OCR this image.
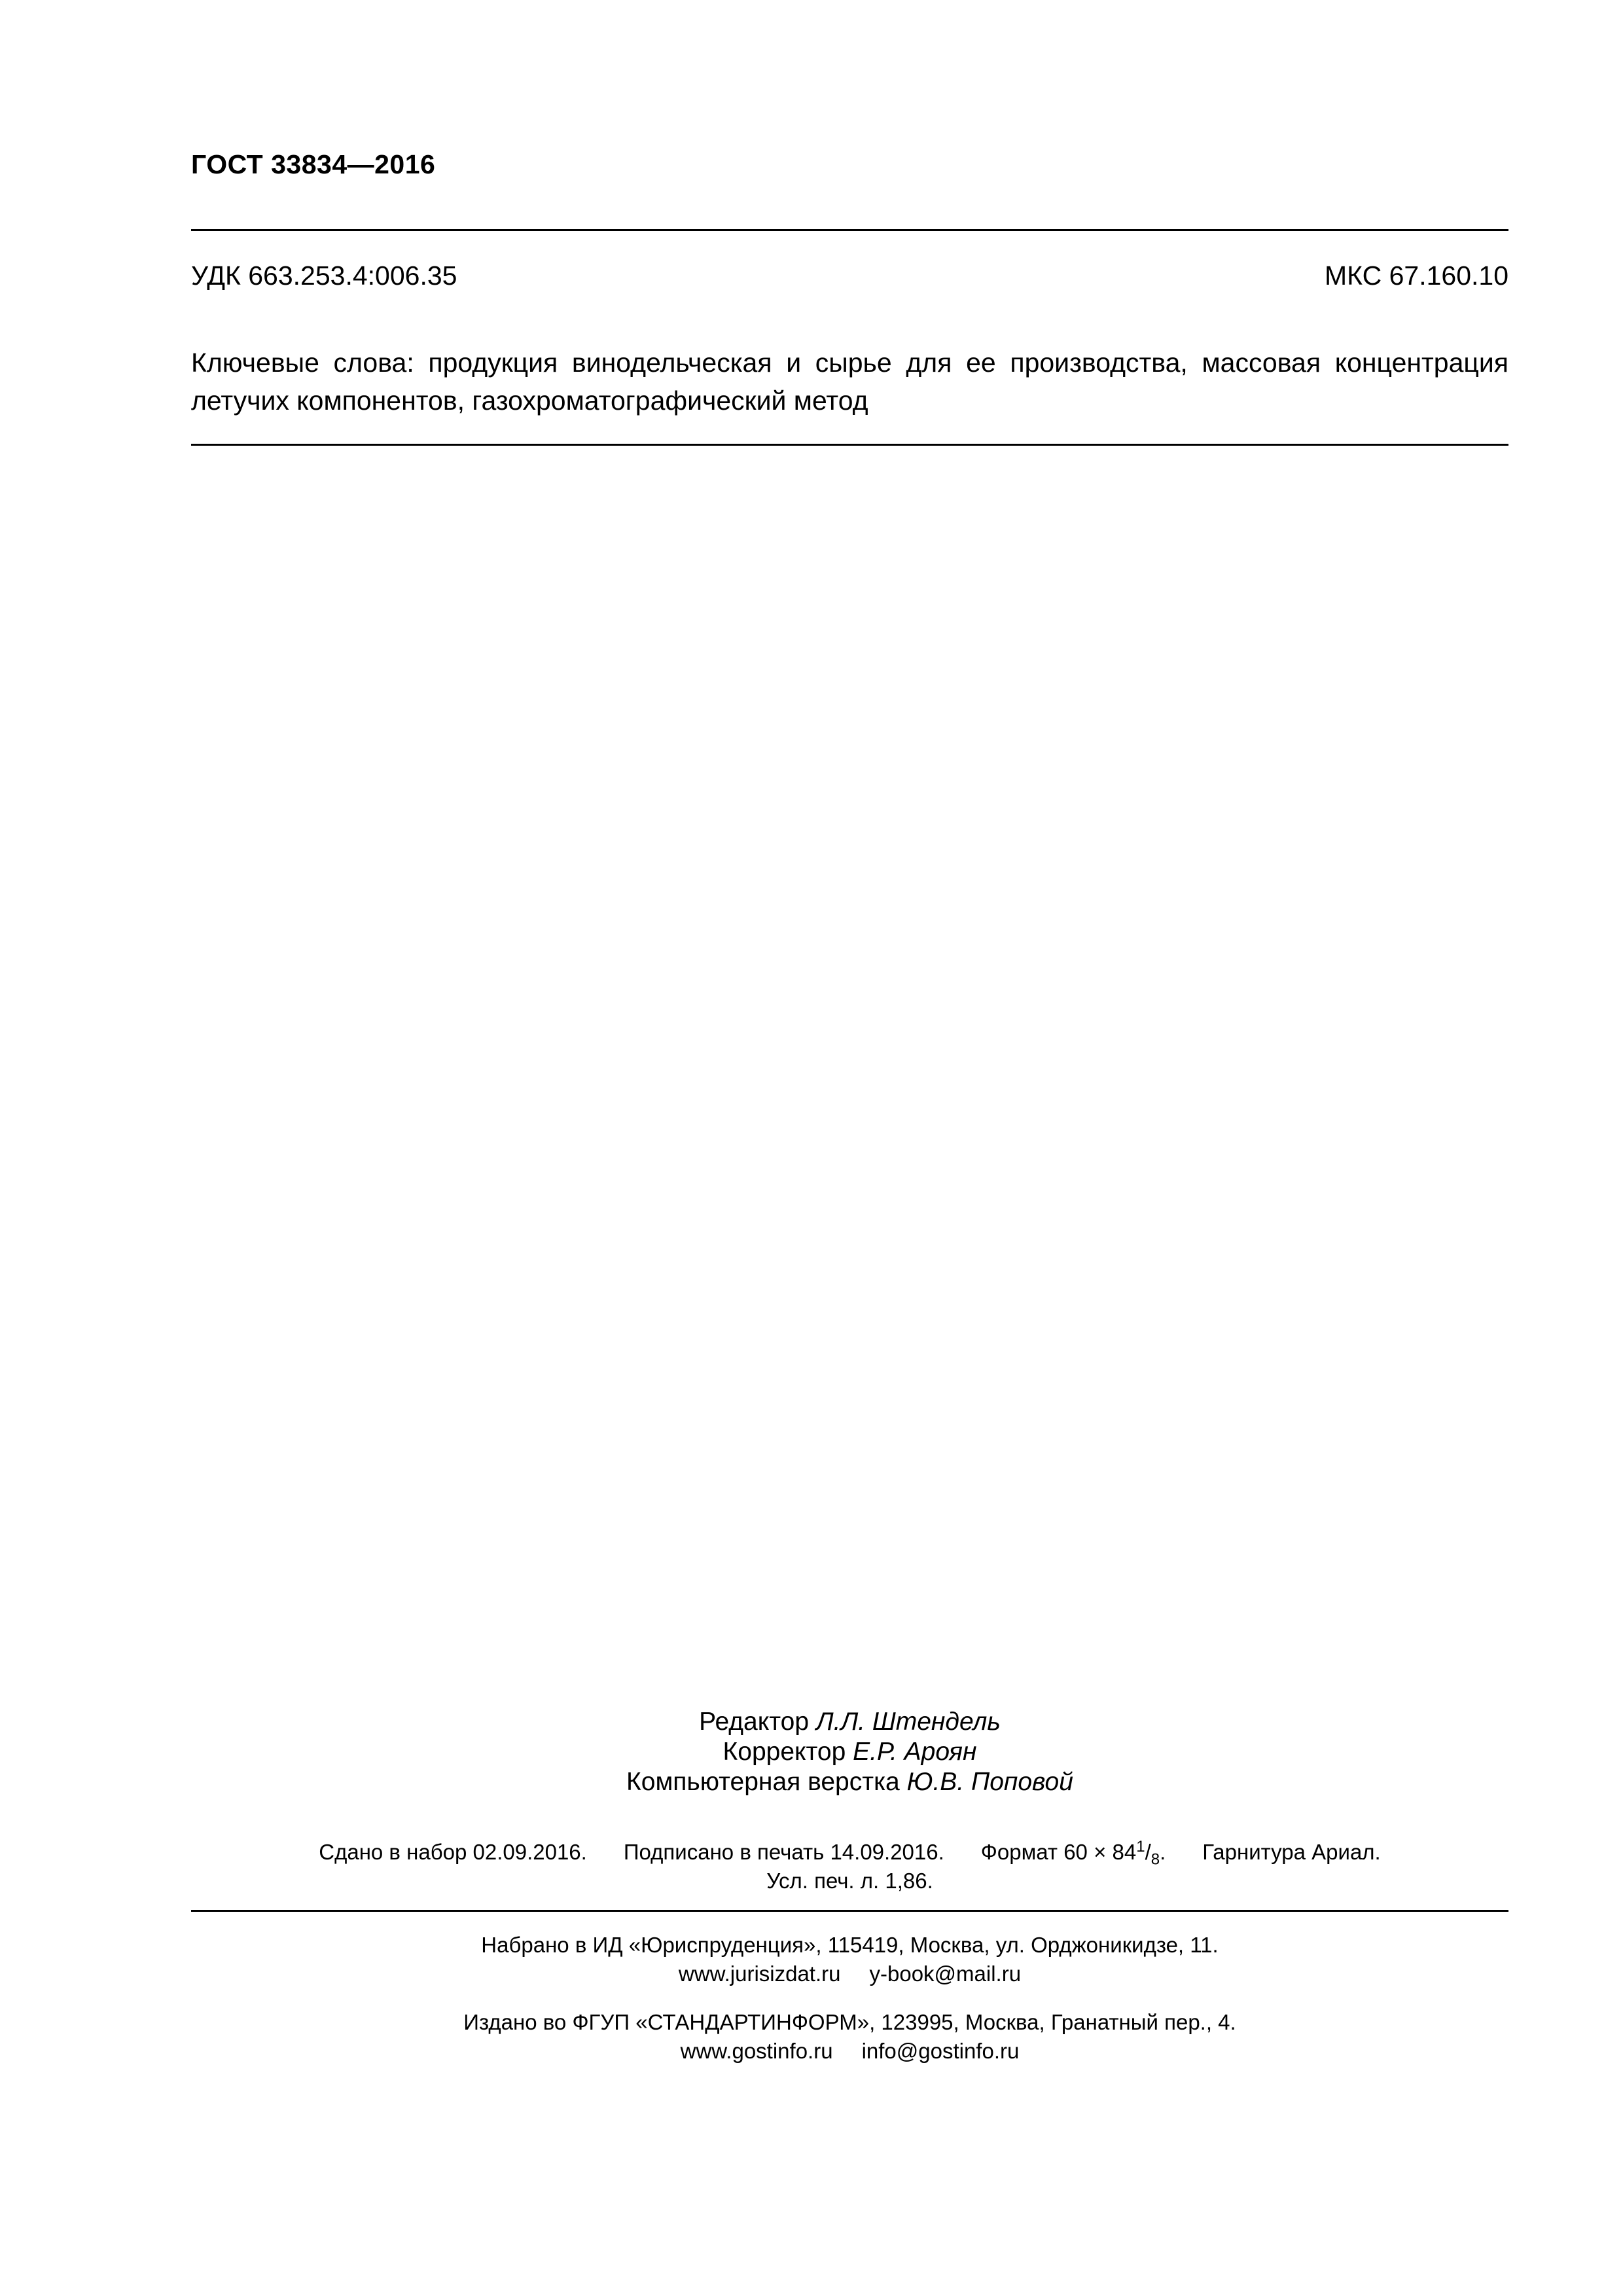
ГОСТ 33834—2016
УДК 663.253.4:006.35	МКС 67.160.10
Ключевые слова: продукция винодельческая и сырье для ее производства, массовая концентрация летучих компонентов, газохроматографический метод
Редактор Л.Л. Штендель
Корректор Е.Р. Ароян
Компьютерная верстка Ю.В. Поповой
Сдано в набор 02.09.2016. Подписано в печать 14.09.2016. Формат $60 \times 84^1/_8$. Гарнитура Ариал.
Усл. печ. л. 1,86.
Набрано в ИД «Юриспруденция», 115419, Москва, ул. Орджоникидзе, 11.
www.jurisizdat.ru y-book@mail.ru
Издано во ФГУП «СТАНДАРТИНФОРМ», 123995, Москва, Гранатный пер., 4.
www.gostinfo.ru info@gostinfo.ru
